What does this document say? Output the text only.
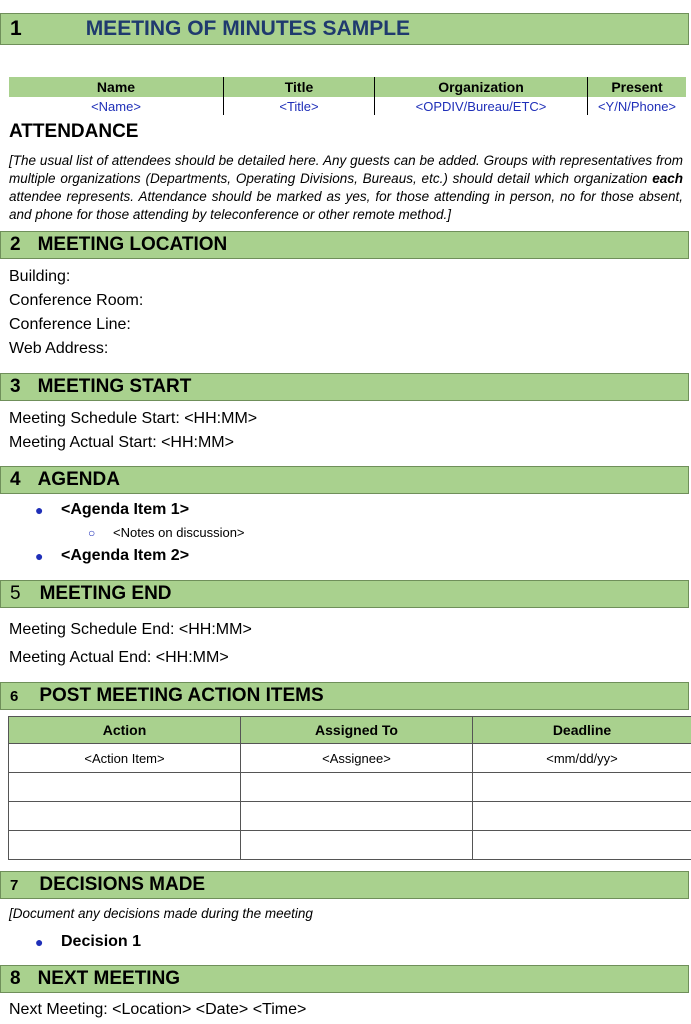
1	MEETING OF MINUTES SAMPLE
Name	Title	Organization	Present
<Name>	<Title>	<OPDIV/Bureau/ETC>	<Y/N/Phone>
ATTENDANCE
[The usual list of attendees should be detailed here. Any guests can be added. Groups with representatives from multiple organizations (Departments, Operating Divisions, Bureaus, etc.) should detail which organization each attendee represents. Attendance should be marked as yes, for those attending in person, no for those absent, and phone for those attending by teleconference or other remote method.]
2 MEETING LOCATION
Building:
Conference Room:
Conference Line:
Web Address:
3 MEETING START
Meeting Schedule Start: <HH:MM>
Meeting Actual Start: <HH:MM>
4 AGENDA
● <Agenda Item 1>
○ <Notes on discussion>
● <Agenda Item 2>
5 MEETING END
Meeting Schedule End: <HH:MM>
Meeting Actual End: <HH:MM>
6 POST MEETING ACTION ITEMS
Action	Assigned To	Deadline
<Action Item>	<Assignee>	<mm/dd/yy>

7 DECISIONS MADE
[Document any decisions made during the meeting
● Decision 1
8 NEXT MEETING
Next Meeting: <Location> <Date> <Time>
